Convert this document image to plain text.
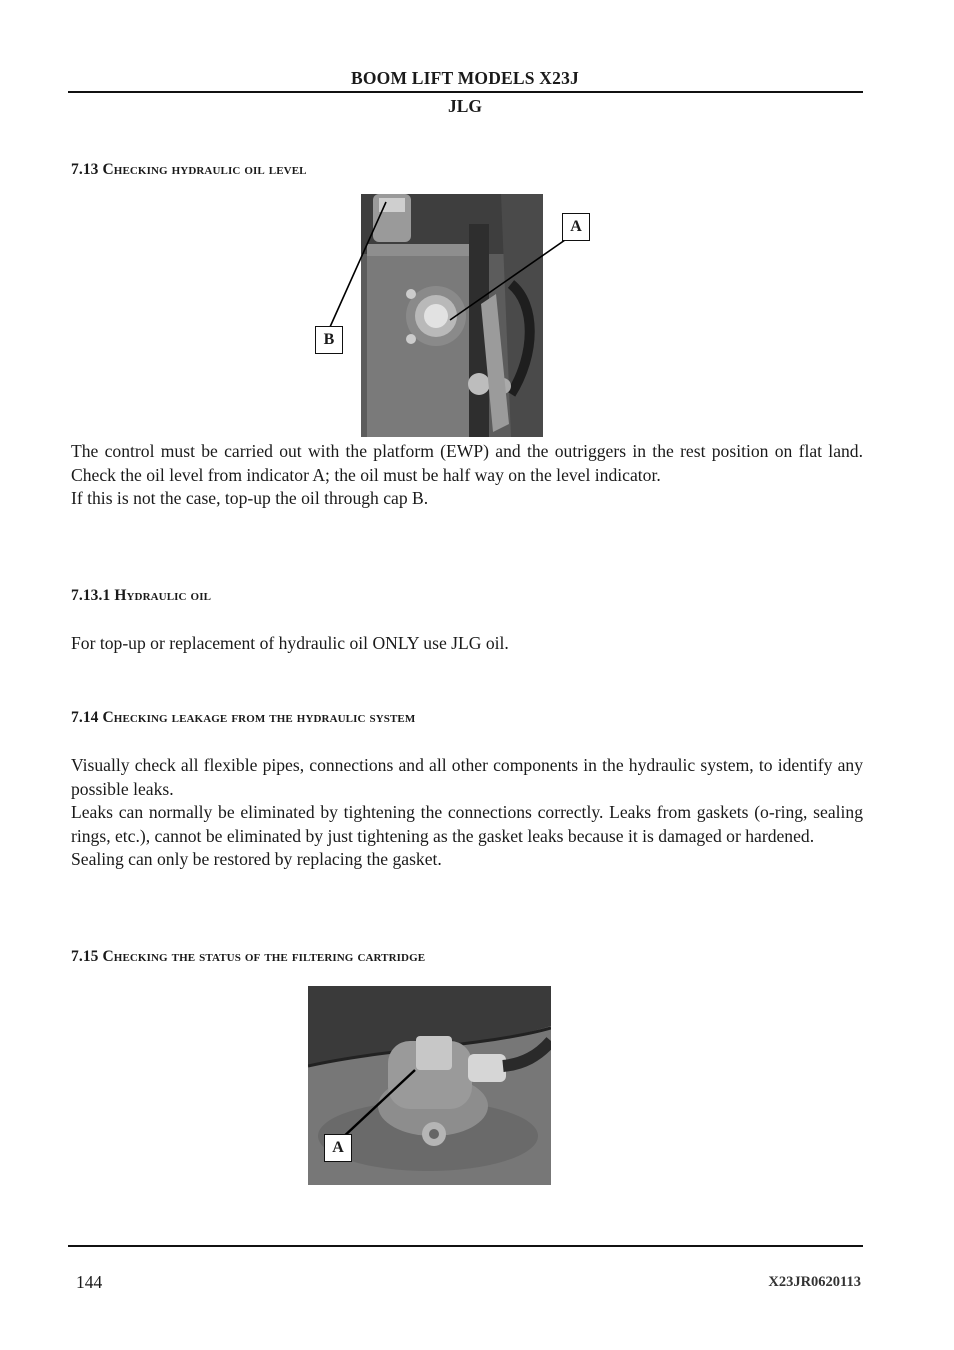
BOOM LIFT MODELS X23J
JLG
7.13 Checking hydraulic oil level
A
B

The control must be carried out with the platform (EWP) and the outriggers in the rest position on flat land. Check the oil level from indicator A; the oil must be half way on the level indicator.

If this is not the case, top-up the oil through cap B.

7.13.1 Hydraulic oil

For top-up or replacement of hydraulic oil ONLY use JLG oil.

7.14 Checking leakage from the hydraulic system

Visually check all flexible pipes, connections and all other components in the hydraulic system, to identify any possible leaks.

Leaks can normally be eliminated by tightening the connections correctly. Leaks from gaskets (o-ring, sealing rings, etc.), cannot be eliminated by just tightening as the gasket leaks because it is damaged or hardened.

Sealing can only be restored by replacing the gasket.

7.15 Checking the status of the filtering cartridge
A
144	X23JR0620113
